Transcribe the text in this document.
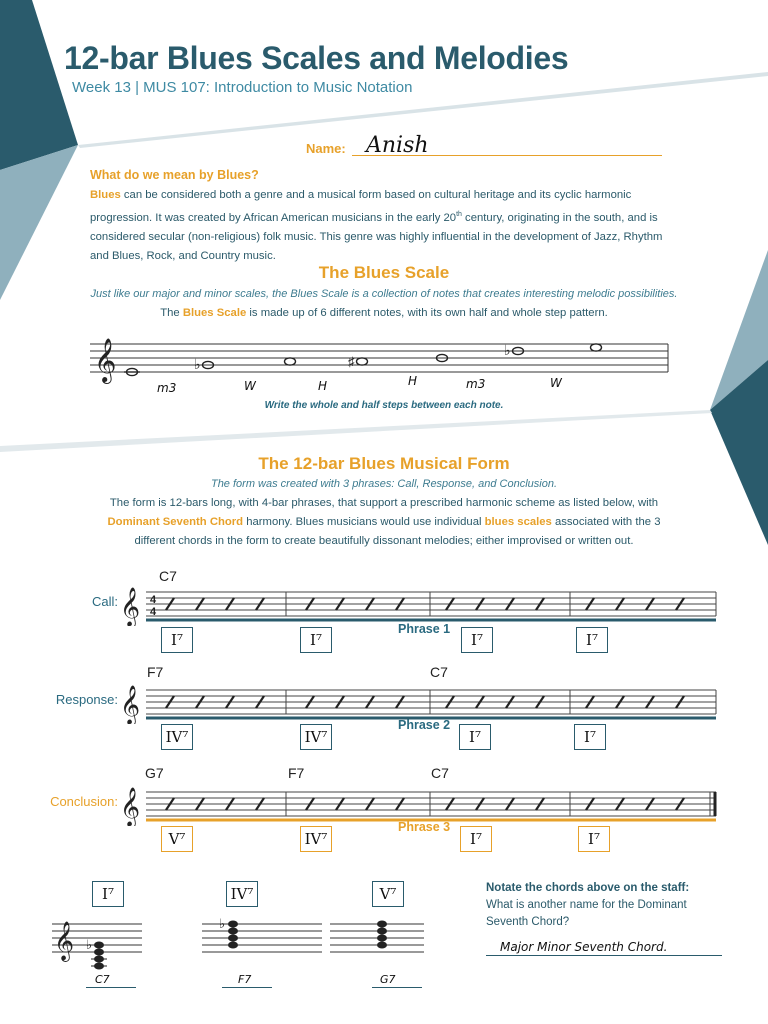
12-bar Blues Scales and Melodies
Week 13 | MUS 107: Introduction to Music Notation
Name: Anish
What do we mean by Blues?
Blues can be considered both a genre and a musical form based on cultural heritage and its cyclic harmonic progression. It was created by African American musicians in the early 20th century, originating in the south, and is considered secular (non-religious) folk music. This genre was highly influential in the development of Jazz, Rhythm and Blues, Rock, and Country music.
The Blues Scale
Just like our major and minor scales, the Blues Scale is a collection of notes that creates interesting melodic possibilities.
The Blues Scale is made up of 6 different notes, with its own half and whole step pattern.
𝄞	♭	♯
♭
m3	W	H	H	m3	W
Write the whole and half steps between each note.
The 12-bar Blues Musical Form
The form was created with 3 phrases: Call, Response, and Conclusion.
The form is 12-bars long, with 4-bar phrases, that support a prescribed harmonic scheme as listed below, with Dominant Seventh Chord harmony. Blues musicians would use individual blues scales associated with the 3 different chords in the form to create beautifully dissonant melodies; either improvised or written out.
Call:
C7
𝄞 4
4
Phrase 1
I⁷	I⁷	I⁷	I⁷
Response:
F7	C7
𝄞	Phrase 2
IV⁷	IV⁷	I⁷	I⁷
Conclusion:
G7	F7	C7
𝄞	Phrase 3
V⁷	IV⁷	I⁷	I⁷
I⁷	IV⁷	V⁷
𝄞 ♭
♭
C7	F7	G7
Notate the chords above on the staff:
What is another name for the Dominant Seventh Chord?
Major Minor Seventh Chord.
